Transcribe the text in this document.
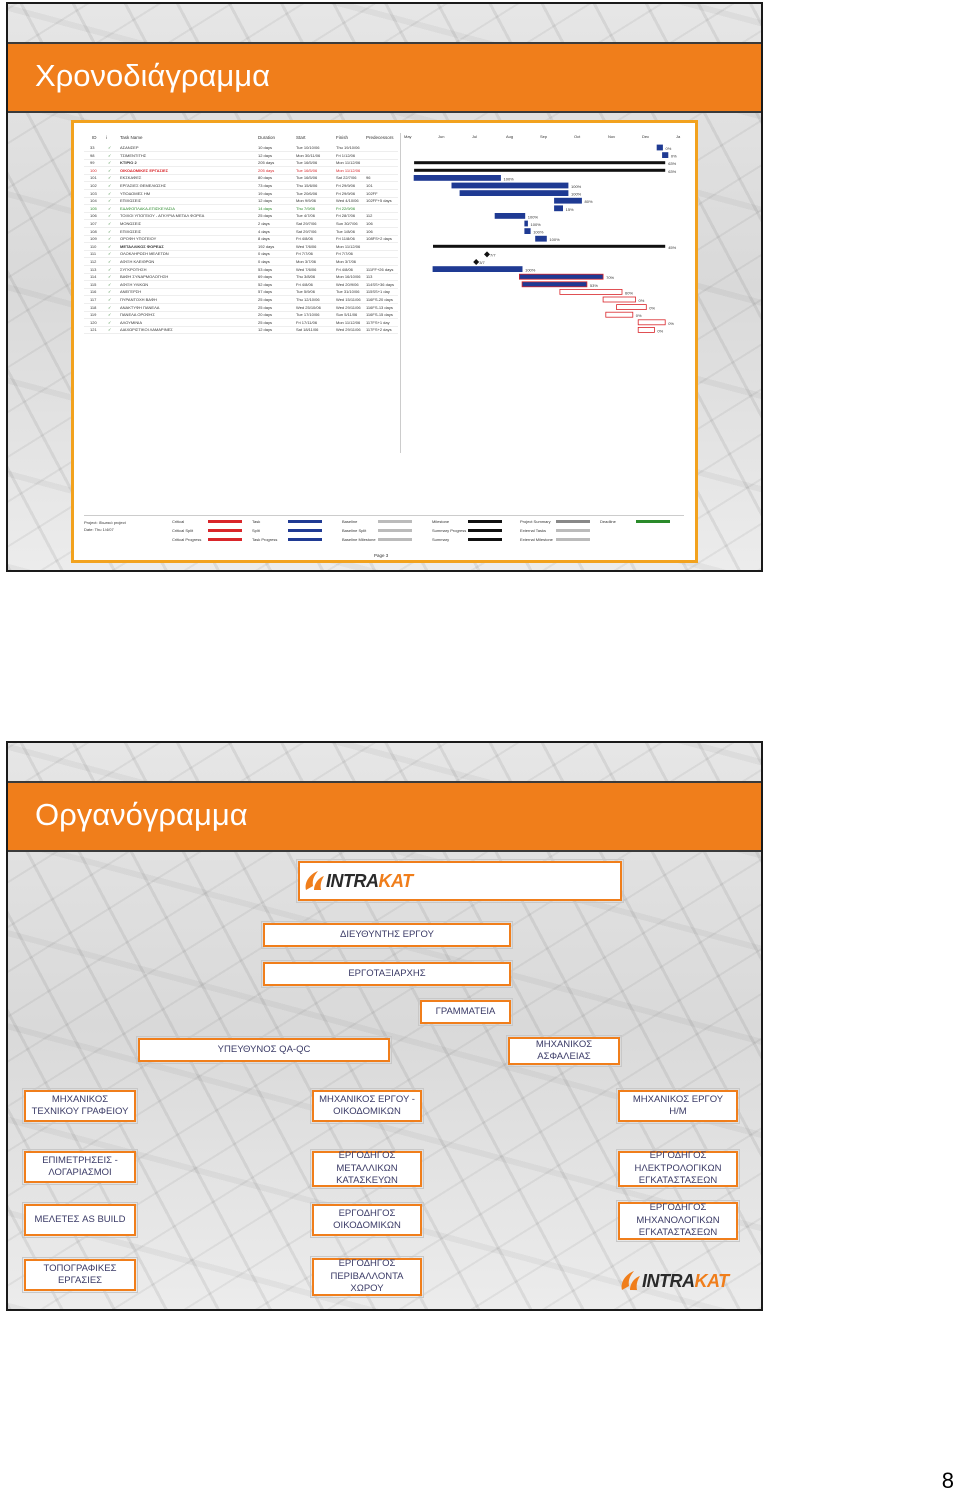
Χρονοδιάγραμμα
ID i	Task Name	Duration	Start	Finish	Predecessors
✓
33	ΑΣΑΝΣΕΡ	10 days	Tue 10/10/06	Thu 19/10/06
✓
98	ΤΣΙΜΕΝΤΙΤΗΣ	12 days	Mon 30/11/06	Fri 1/12/06
✓
99	ΚΤΙΡΙΟ 2	205 days	Tue 16/5/06	Mon 11/12/06
✓
100	ΟΙΚΟΔΟΜΙΚΕΣ ΕΡΓΑΣΙΕΣ	205 days	Tue 16/5/06	Mon 11/12/06
✓
101	ΕΚΣΚΑΦΕΣ	80 days	Tue 16/5/06	Sat 22/7/06	96
✓
102	ΕΡΓΑΣΙΕΣ ΘΕΜΕΛΙΩΣΗΣ	73 days	Thu 15/6/06	Fri 29/9/06	101
✓
103	ΥΠΟΔΟΜΕΣ ΗΜ	19 days	Tue 20/6/06	Fri 29/9/06	102FF
✓
104	ΕΠΙΧΩΣΕΙΣ	12 days	Mon 9/9/06	Wed 4/10/06	102FF+5 days
✓
105	ΕΔΑΦΟΠΛΑΚΑ-ΕΠΙΣΚΕΥΑΣΙΑ	14 days	Thu 7/9/06	Fri 22/9/06
✓
106	ΤΟΙΧΟΙ ΥΠΟΓΕΙΟΥ - ΑΓΚΥΡΙΑ ΜΕΤΑΛ ΦΟΡΕΑ	25 days	Tue 4/7/06	Fri 28/7/06	112
✓
107	ΜΟΝΩΣΕΙΣ	2 days	Sat 29/7/06	Sun 30/7/06	106
✓
108	ΕΠΙΧΩΣΕΙΣ	4 days	Sat 29/7/06	Tue 1/8/06	106
✓
109	ΟΡΟΦΗ ΥΠΟΓΕΙΟΥ	8 days	Fri 4/8/06	Fri 11/8/06	108FS+2 days
✓
110	ΜΕΤΑΛΛΙΚΟΣ ΦΟΡΕΑΣ	192 days	Wed 7/6/06	Mon 11/12/06
✓
111	ΟΛΟΚΛΗΡΩΣΗ ΜΕΛΕΤΩΝ	0 days	Fri 7/7/06	Fri 7/7/06
✓
112	ΑΦΙΞΗ ΚΛΕΙΘΡΩΝ	0 days	Mon 3/7/06	Mon 3/7/06
✓
113	ΣΥΓΚΡΟΤΗΣΗ	53 days	Wed 7/6/06	Fri 4/8/06	111FF+26 days
✓
114	ΒΑΦΗ ΣΥΝΑΡΜΟΛΟΓΗΣΗ	69 days	Thu 3/8/06	Mon 16/10/06	113
✓
115	ΑΦΙΞΗ ΥΛΙΚΩΝ	52 days	Fri 4/8/06	Wed 20/9/06	114SS+36 days
✓
116	ΑΝΕΓΕΡΣΗ	57 days	Tue 5/9/06	Tue 31/10/06	115SS+1 day
✓
117	ΠΥΡΑΝΤΟΧΗ ΒΑΦΗ	25 days	Thu 12/10/06	Wed 15/11/06	116FS-20 days
✓
118	ΑΝΑΚΤΥΦΗ ΠΑΝΕΛΑ	25 days	Wed 25/10/06	Wed 29/11/06	116FS-13 days
✓
119	ΠΑΝΕΛΑ ΟΡΟΦΗΣ	20 days	Tue 17/10/06	Sun 5/11/06	116FS-15 days
✓
120	ΑΛΟΥΜΙΝΙΑ	25 days	Fri 17/11/06	Mon 11/12/06	117FS+1 day
✓
121	ΔΙΑΧΩΡΙΣΤΙΚΟΙ ΛΑΜΑΡΙΝΕΣ	12 days	Sat 18/11/06	Wed 29/11/06	117FS+2 days
May	Jun	Jul	Aug	Sep	Oct	Nov	Dec	Ja
0%
0%
63%
63%
100%
100%
100%
80%
15%
100%
100%
100%
100%
45%
7/7
3/7
100%
70%
53%
60%
0%
0%
0%
0%
0%
Project: Ιδιωτικό project
Date: Thu 1/4/07
Critical
Critical Split
Critical Progress
Task
Split
Task Progress
Baseline
Baseline Split
Baseline Milestone
Milestone
Summary Progress
Summary
Project Summary
External Tasks
External Milestone
Deadline
Page 3
Οργανόγραμμα
INTRAKAT
ΔΙΕΥΘΥΝΤΗΣ ΕΡΓΟΥ
ΕΡΓΟΤΑΞΙΑΡΧΗΣ
ΓΡΑΜΜΑΤΕΙΑ
ΥΠΕΥΘΥΝΟΣ QA-QC	ΜΗΧΑΝΙΚΟΣ
ΑΣΦΑΛΕΙΑΣ
ΜΗΧΑΝΙΚΟΣ
ΤΕΧΝΙΚΟΥ ΓΡΑΦΕΙΟΥ
ΜΗΧΑΝΙΚΟΣ ΕΡΓΟΥ -
ΟΙΚΟΔΟΜΙΚΩΝ
ΜΗΧΑΝΙΚΟΣ ΕΡΓΟΥ
Η/Μ
ΕΠΙΜΕΤΡΗΣΕΙΣ -
ΛΟΓΑΡΙΑΣΜΟΙ
ΕΡΓΟΔΗΓΟΣ
ΜΕΤΑΛΛΙΚΩΝ
ΚΑΤΑΣΚΕΥΩΝ
ΕΡΓΟΔΗΓΟΣ
ΗΛΕΚΤΡΟΛΟΓΙΚΩΝ
ΕΓΚΑΤΑΣΤΑΣΕΩΝ
ΜΕΛΕΤΕΣ AS BUILD
ΕΡΓΟΔΗΓΟΣ
ΟΙΚΟΔΟΜΙΚΩΝ
ΕΡΓΟΔΗΓΟΣ
ΜΗΧΑΝΟΛΟΓΙΚΩΝ
ΕΓΚΑΤΑΣΤΑΣΕΩΝ
ΤΟΠΟΓΡΑΦΙΚΕΣ
ΕΡΓΑΣΙΕΣ
ΕΡΓΟΔΗΓΟΣ
ΠΕΡΙΒΑΛΛΟΝΤΑ
ΧΩΡΟΥ	INTRAKAT
8
